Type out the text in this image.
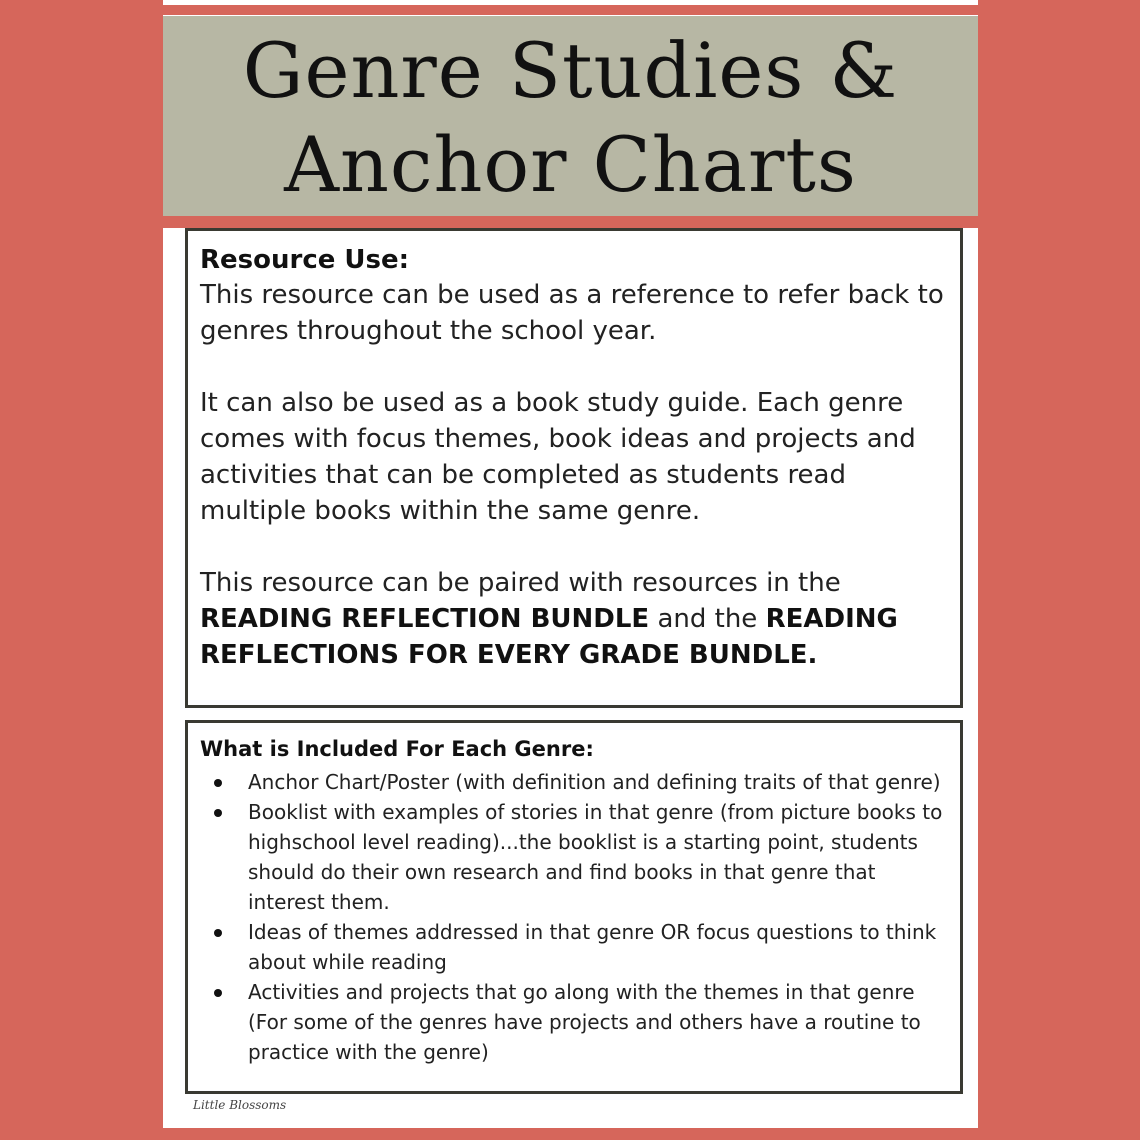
Genre Studies &
Anchor Charts
Resource Use:

This resource can be used as a reference to refer back to genres throughout the school year.

It can also be used as a book study guide. Each genre comes with focus themes, book ideas and projects and activities that can be completed as students read multiple books within the same genre.

This resource can be paired with resources in the READING REFLECTION BUNDLE and the READING REFLECTIONS FOR EVERY GRADE BUNDLE.

What is Included For Each Genre:
Anchor Chart/Poster (with definition and defining traits of that genre)
Booklist with examples of stories in that genre (from picture books to highschool level reading)...the booklist is a starting point, students should do their own research and find books in that genre that interest them.
Ideas of themes addressed in that genre OR focus questions to think about while reading
Activities and projects that go along with the themes in that genre (For some of the genres have projects and others have a routine to practice with the genre)
Little Blossoms
